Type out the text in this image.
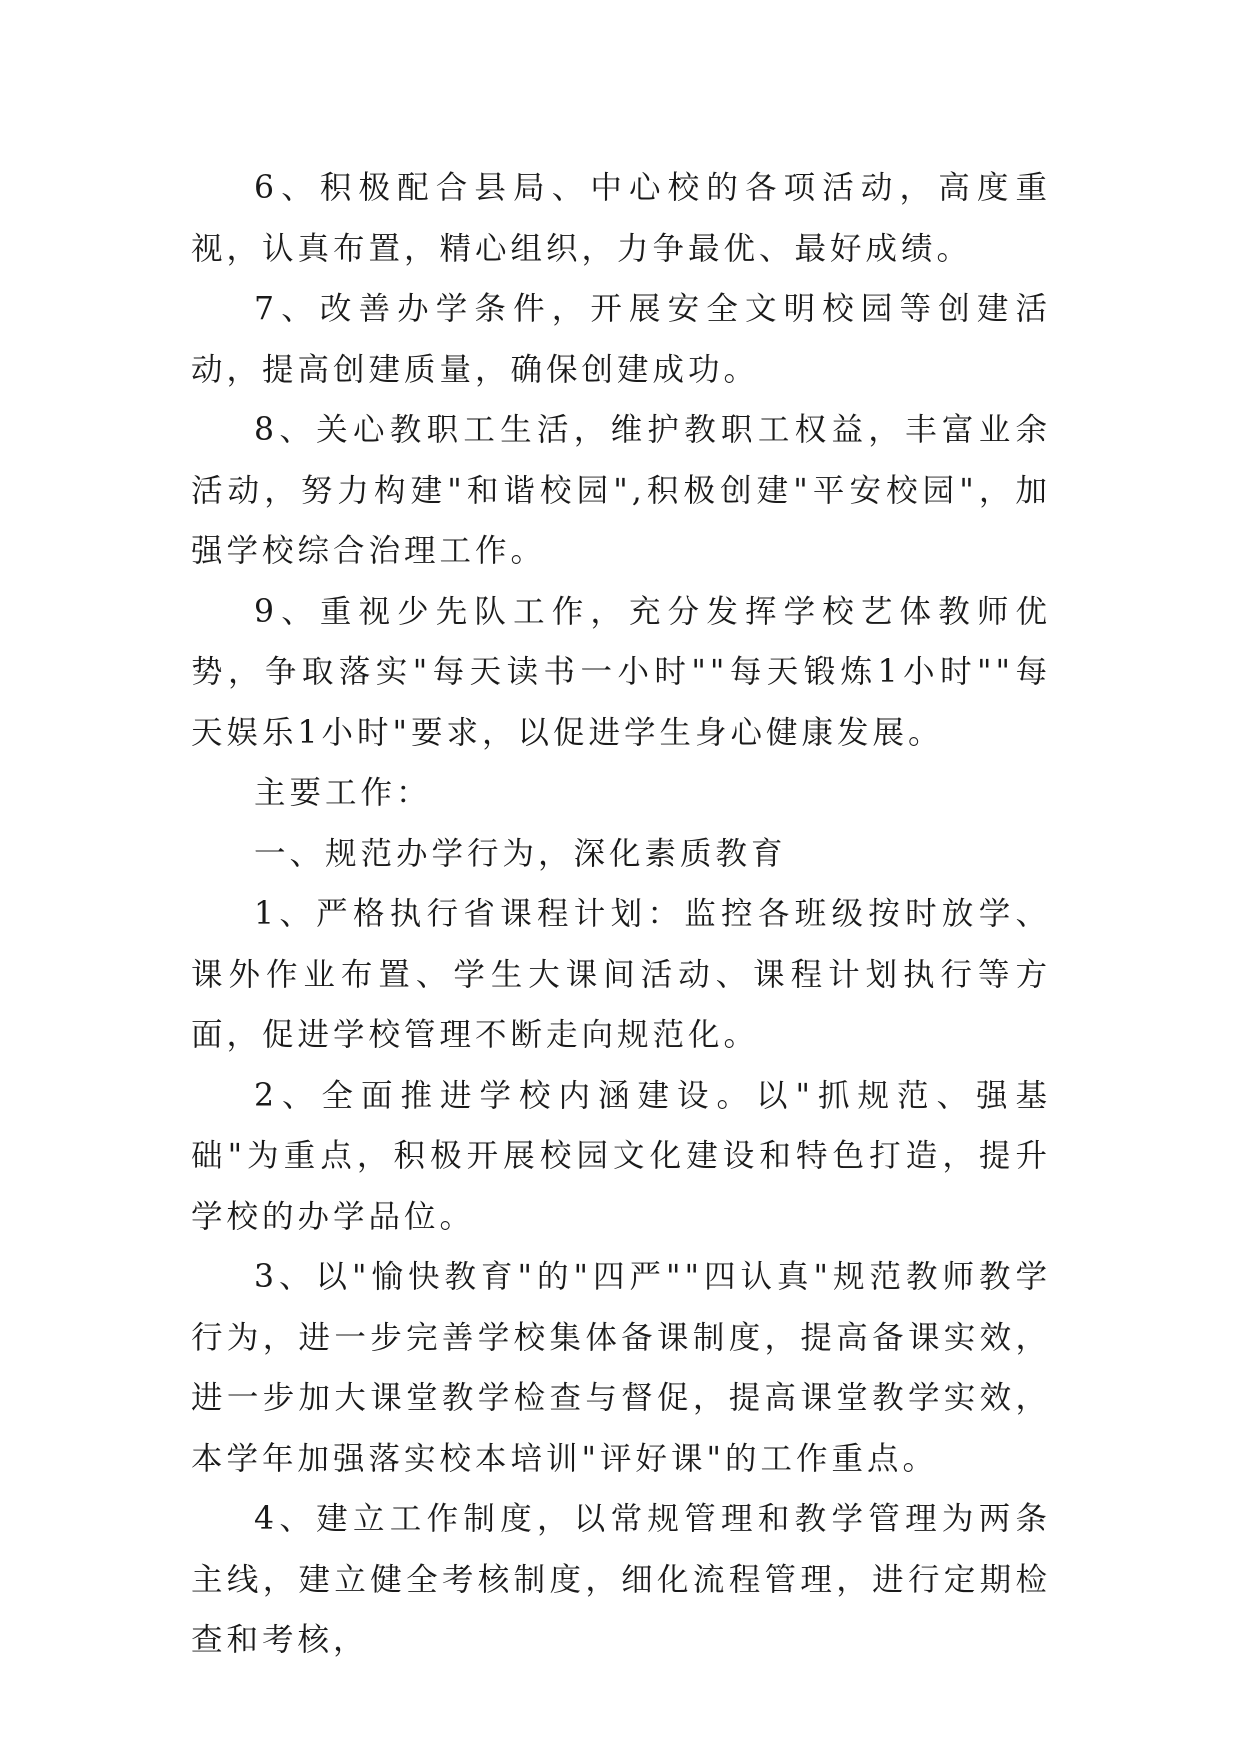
6、积极配合县局、中心校的各项活动，高度重视，认真布置，精心组织，力争最优、最好成绩。

7、改善办学条件，开展安全文明校园等创建活动，提高创建质量，确保创建成功。

8、关心教职工生活，维护教职工权益，丰富业余活动，努力构建"和谐校园",积极创建"平安校园"，加强学校综合治理工作。

9、重视少先队工作，充分发挥学校艺体教师优势，争取落实"每天读书一小时""每天锻炼1小时""每天娱乐1小时"要求，以促进学生身心健康发展。

主要工作：

一、规范办学行为，深化素质教育

1、严格执行省课程计划：监控各班级按时放学、课外作业布置、学生大课间活动、课程计划执行等方面，促进学校管理不断走向规范化。

2、全面推进学校内涵建设。以"抓规范、强基础"为重点，积极开展校园文化建设和特色打造，提升学校的办学品位。

3、以"愉快教育"的"四严""四认真"规范教师教学行为，进一步完善学校集体备课制度，提高备课实效，进一步加大课堂教学检查与督促，提高课堂教学实效，本学年加强落实校本培训"评好课"的工作重点。

4、建立工作制度，以常规管理和教学管理为两条主线，建立健全考核制度，细化流程管理，进行定期检查和考核，
